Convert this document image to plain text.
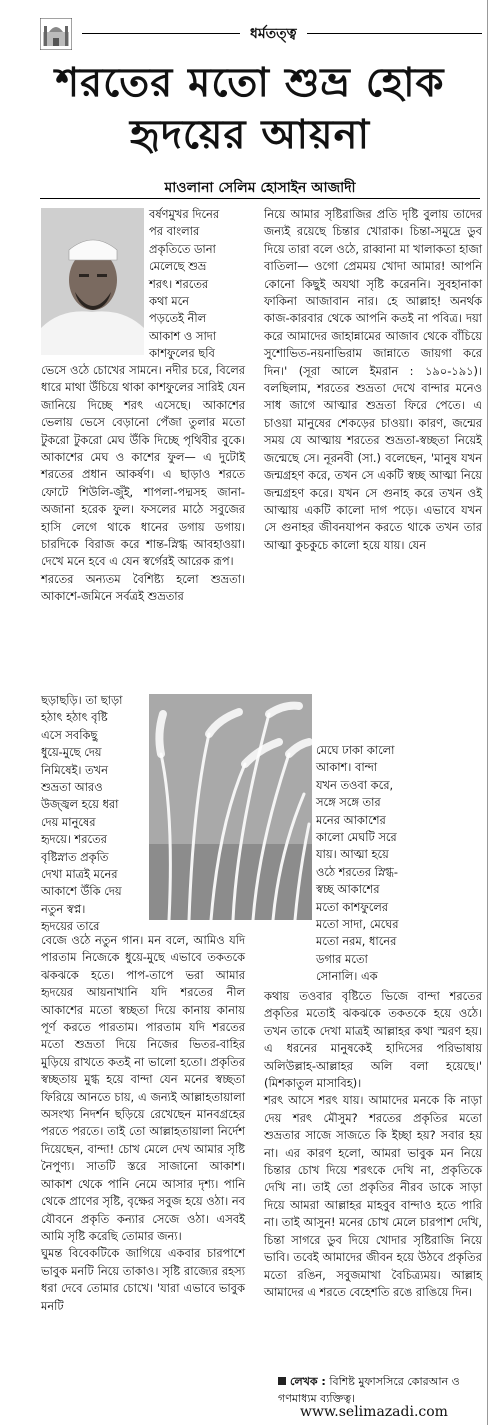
ধর্মতত্ত্ব
শরতের মতো শুভ্র হোক
হৃদয়ের আয়না
মাওলানা সেলিম হোসাইন আজাদী

বর্ষণমুখর দিনের

পর বাংলার

প্রকৃতিতে ডানা

মেলেছে শুভ্র

শরৎ। শরতের

কথা মনে

পড়তেই নীল

আকাশ ও সাদা

কাশফুলের ছবি

ভেসে ওঠে চোখের সামনে। নদীর চরে, বিলের ধারে মাথা উঁচিয়ে থাকা কাশফুলের সারিই যেন জানিয়ে দিচ্ছে শরৎ এসেছে। আকাশের ভেলায় ভেসে বেড়ানো পেঁজা তুলার মতো টুকরো টুকরো মেঘ উঁকি দিচ্ছে পৃথিবীর বুকে। আকাশের মেঘ ও কাশের ফুল— এ দুটোই শরতের প্রধান আকর্ষণ। এ ছাড়াও শরতে ফোটে শিউলি-জুঁই, শাপলা-পদ্মসহ জানা-অজানা হরেক ফুল। ফসলের মাঠে সবুজের হাসি লেগে থাকে ধানের ডগায় ডগায়। চারদিকে বিরাজ করে শান্ত-স্নিগ্ধ আবহাওয়া। দেখে মনে হবে এ যেন স্বর্গেরই আরেক রূপ।

শরতের অন্যতম বৈশিষ্ট্য হলো শুভ্রতা। আকাশে-জমিনে সর্বত্রই শুভ্রতার

ছড়াছড়ি। তা ছাড়া

হঠাৎ হঠাৎ বৃষ্টি

এসে সবকিছু

ধুয়ে-মুছে দেয়

নিমিষেই। তখন

শুভ্রতা আরও

উজ্জ্বল হয়ে ধরা

দেয় মানুষের

হৃদয়ে। শরতের

বৃষ্টিস্নাত প্রকৃতি

দেখা মাত্রই মনের

আকাশে উঁকি দেয়

নতুন স্বপ্ন।

হৃদয়ের তারে

বেজে ওঠে নতুন গান। মন বলে, আমিও যদি পারতাম নিজেকে ধুয়ে-মুছে এভাবে তকতকে ঝকঝকে হতে। পাপ-তাপে ভরা আমার হৃদয়ের আয়নাখানি যদি শরতের নীল আকাশের মতো স্বচ্ছতা দিয়ে কানায় কানায় পূর্ণ করতে পারতাম। পারতাম যদি শরতের মতো শুভ্রতা দিয়ে নিজের ভিতর-বাহির মুড়িয়ে রাখতে কতই না ভালো হতো। প্রকৃতির স্বচ্ছতায় মুগ্ধ হয়ে বান্দা যেন মনের স্বচ্ছতা ফিরিয়ে আনতে চায়, এ জন্যই আল্লাহতায়ালা অসংখ্য নিদর্শন ছড়িয়ে রেখেছেন মানবগ্রহের পরতে পরতে। তাই তো আল্লাহতায়ালা নির্দেশ দিয়েছেন, বান্দা! চোখ মেলে দেখ আমার সৃষ্টি নৈপুণ্য। সাতটি স্তরে সাজানো আকাশ। আকাশ থেকে পানি নেমে আসার দৃশ্য। পানি থেকে প্রাণের সৃষ্টি, বৃক্ষের সবুজ হয়ে ওঠা। নব যৌবনে প্রকৃতি কন্যার সেজে ওঠা। এসবই আমি সৃষ্টি করেছি তোমার জন্য।

ঘুমন্ত বিবেকটিকে জাগিয়ে একবার চারপাশে ভাবুক মনটি নিয়ে তাকাও। সৃষ্টি রাজ্যের রহস্য ধরা দেবে তোমার চোখে। 'যারা এভাবে ভাবুক মনটি

নিয়ে আমার সৃষ্টিরাজির প্রতি দৃষ্টি বুলায় তাদের জন্যই রয়েছে চিন্তার খোরাক। চিন্তা-সমুদ্রে ডুব দিয়ে তারা বলে ওঠে, রাব্বানা মা খালাকতা হাজা বাতিলা— ওগো প্রেমময় খোদা আমার! আপনি কোনো কিছুই অযথা সৃষ্টি করেননি। সুবহানাকা ফাকিনা আজাবান নার। হে আল্লাহ! অনর্থক কাজ-কারবার থেকে আপনি কতই না পবিত্র। দয়া করে আমাদের জাহান্নামের আজাব থেকে বাঁচিয়ে সুশোভিত-নয়নাভিরাম জান্নাতে জায়গা করে দিন।' (সূরা আলে ইমরান : ১৯০-১৯১)। বলছিলাম, শরতের শুভ্রতা দেখে বান্দার মনেও সাধ জাগে আত্মার শুভ্রতা ফিরে পেতে। এ চাওয়া মানুষের শেকড়ের চাওয়া। কারণ, জন্মের সময় যে আত্মায় শরতের শুভ্রতা-স্বচ্ছতা নিয়েই জন্মেছে সে। নূরনবী (সা.) বলেছেন, 'মানুষ যখন জন্মগ্রহণ করে, তখন সে একটি স্বচ্ছ আত্মা নিয়ে জন্মগ্রহণ করে। যখন সে গুনাহ করে তখন ওই আত্মায় একটি কালো দাগ পড়ে। এভাবে যখন সে গুনাহর জীবনযাপন করতে থাকে তখন তার আত্মা কুচকুচে কালো হয়ে যায়। যেন

মেঘে ঢাকা কালো

আকাশ। বান্দা

যখন তওবা করে,

সঙ্গে সঙ্গে তার

মনের আকাশের

কালো মেঘটি সরে

যায়। আত্মা হয়ে

ওঠে শরতের স্নিগ্ধ-

স্বচ্ছ আকাশের

মতো কাশফুলের

মতো সাদা, মেঘের

মতো নরম, ধানের

ডগার মতো

সোনালি। এক

কথায় তওবার বৃষ্টিতে ভিজে বান্দা শরতের প্রকৃতির মতোই ঝকঝকে তকতকে হয়ে ওঠে। তখন তাকে দেখা মাত্রই আল্লাহর কথা স্মরণ হয়। এ ধরনের মানুষকেই হাদিসের পরিভাষায় অলিউল্লাহ-আল্লাহর অলি বলা হয়েছে।' (মিশকাতুল মাসাবিহ)।

শরৎ আসে শরৎ যায়। আমাদের মনকে কি নাড়া দেয় শরৎ মৌসুম? শরতের প্রকৃতির মতো শুভ্রতার সাজে সাজতে কি ইচ্ছা হয়? সবার হয় না। এর কারণ হলো, আমরা ভাবুক মন নিয়ে চিন্তার চোখ দিয়ে শরৎকে দেখি না, প্রকৃতিকে দেখি না। তাই তো প্রকৃতির নীরব ডাকে সাড়া দিয়ে আমরা আল্লাহর মাহবুব বান্দাও হতে পারি না। তাই আসুন! মনের চোখ মেলে চারপাশ দেখি, চিন্তা সাগরে ডুব দিয়ে খোদার সৃষ্টিরাজি নিয়ে ভাবি। তবেই আমাদের জীবন হয়ে উঠবে প্রকৃতির মতো রঙিন, সবুজমাখা বৈচিত্র্যময়। আল্লাহ আমাদের এ শরতে বেহেশতি রঙে রাঙিয়ে দিন।

লেখক : বিশিষ্ট মুফাসসিরে কোরআন ও গণমাধ্যম ব্যক্তিত্ব।
www.selimazadi.com
